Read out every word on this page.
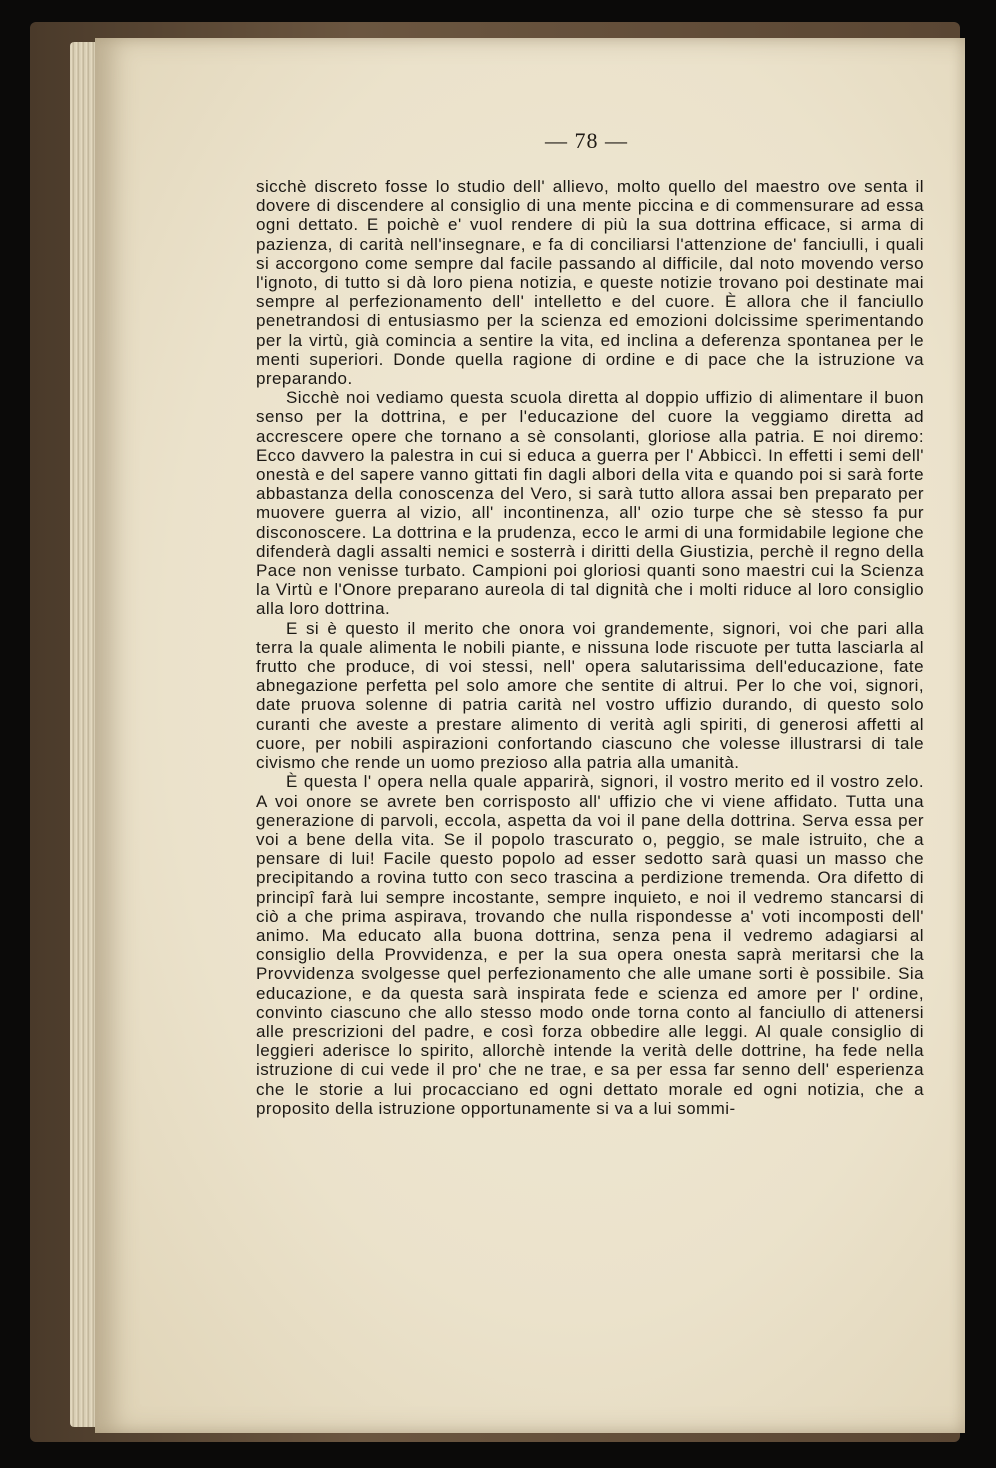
— 78 —

sicchè discreto fosse lo studio dell' allievo, molto quello del maestro ove senta il dovere di discendere al consiglio di una mente piccina e di commensurare ad essa ogni dettato. E poichè e' vuol rendere di più la sua dottrina efficace, si arma di pazienza, di carità nell'insegnare, e fa di conciliarsi l'attenzione de' fanciulli, i quali si accorgono come sempre dal facile passando al difficile, dal noto movendo verso l'ignoto, di tutto si dà loro piena notizia, e queste notizie trovano poi destinate mai sempre al perfezionamento dell' intelletto e del cuore. È allora che il fanciullo penetrandosi di entusiasmo per la scienza ed emozioni dolcissime sperimentando per la virtù, già comincia a sentire la vita, ed inclina a deferenza spontanea per le menti superiori. Donde quella ragione di ordine e di pace che la istruzione va preparando.

Sicchè noi vediamo questa scuola diretta al doppio uffizio di alimentare il buon senso per la dottrina, e per l'educazione del cuore la veggiamo diretta ad accrescere opere che tornano a sè consolanti, gloriose alla patria. E noi diremo: Ecco davvero la palestra in cui si educa a guerra per l' Abbiccì. In effetti i semi dell' onestà e del sapere vanno gittati fin dagli albori della vita e quando poi si sarà forte abbastanza della conoscenza del Vero, si sarà tutto allora assai ben preparato per muovere guerra al vizio, all' incontinenza, all' ozio turpe che sè stesso fa pur disconoscere. La dottrina e la prudenza, ecco le armi di una formidabile legione che difenderà dagli assalti nemici e sosterrà i diritti della Giustizia, perchè il regno della Pace non venisse turbato. Campioni poi gloriosi quanti sono maestri cui la Scienza la Virtù e l'Onore preparano aureola di tal dignità che i molti riduce al loro consiglio alla loro dottrina.

E si è questo il merito che onora voi grandemente, signori, voi che pari alla terra la quale alimenta le nobili piante, e nissuna lode riscuote per tutta lasciarla al frutto che produce, di voi stessi, nell' opera salutarissima dell'educazione, fate abnegazione perfetta pel solo amore che sentite di altrui. Per lo che voi, signori, date pruova solenne di patria carità nel vostro uffizio durando, di questo solo curanti che aveste a prestare alimento di verità agli spiriti, di generosi affetti al cuore, per nobili aspirazioni confortando ciascuno che volesse illustrarsi di tale civismo che rende un uomo prezioso alla patria alla umanità.

È questa l' opera nella quale apparirà, signori, il vostro merito ed il vostro zelo. A voi onore se avrete ben corrisposto all' uffizio che vi viene affidato. Tutta una generazione di parvoli, eccola, aspetta da voi il pane della dottrina. Serva essa per voi a bene della vita. Se il popolo trascurato o, peggio, se male istruito, che a pensare di lui! Facile questo popolo ad esser sedotto sarà quasi un masso che precipitando a rovina tutto con seco trascina a perdizione tremenda. Ora difetto di principî farà lui sempre incostante, sempre inquieto, e noi il vedremo stancarsi di ciò a che prima aspirava, trovando che nulla rispondesse a' voti incomposti dell' animo. Ma educato alla buona dottrina, senza pena il vedremo adagiarsi al consiglio della Provvidenza, e per la sua opera onesta saprà meritarsi che la Provvidenza svolgesse quel perfezionamento che alle umane sorti è possibile. Sia educazione, e da questa sarà inspirata fede e scienza ed amore per l' ordine, convinto ciascuno che allo stesso modo onde torna conto al fanciullo di attenersi alle prescrizioni del padre, e così forza obbedire alle leggi. Al quale consiglio di leggieri aderisce lo spirito, allorchè intende la verità delle dottrine, ha fede nella istruzione di cui vede il pro' che ne trae, e sa per essa far senno dell' esperienza che le storie a lui procacciano ed ogni dettato morale ed ogni notizia, che a proposito della istruzione opportunamente si va a lui sommi-
